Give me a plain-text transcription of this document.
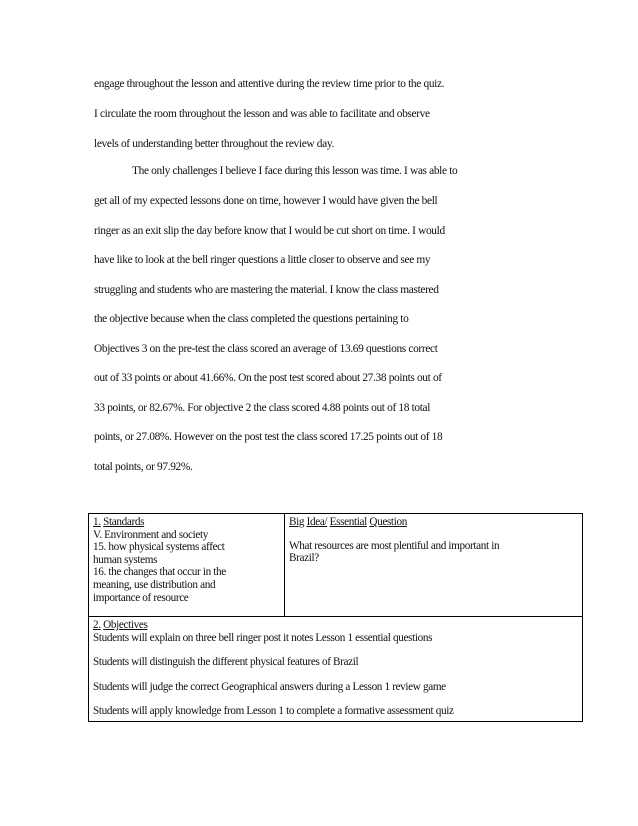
engage throughout the lesson and attentive during the review time prior to the quiz.
I circulate the room throughout the lesson and was able to facilitate and observe
levels of understanding better throughout the review day.
The only challenges I believe I face during this lesson was time. I was able to
get all of my expected lessons done on time, however I would have given the bell
ringer as an exit slip the day before know that I would be cut short on time. I would
have like to look at the bell ringer questions a little closer to observe and see my
struggling and students who are mastering the material. I know the class mastered
the objective because when the class completed the questions pertaining to
Objectives 3 on the pre-test the class scored an average of 13.69 questions correct
out of 33 points or about 41.66%. On the post test scored about 27.38 points out of
33 points, or 82.67%. For objective 2 the class scored 4.88 points out of 18 total
points, or 27.08%. However on the post test the class scored 17.25 points out of 18
total points, or 97.92%.
1. Standards
V. Environment and society
15. how physical systems affect
human systems
16. the changes that occur in the
meaning, use distribution and
importance of resource

Big Idea/ Essential Question
What resources are most plentiful and important in
Brazil?

2. Objectives
Students will explain on three bell ringer post it notes Lesson 1 essential questions
Students will distinguish the different physical features of Brazil
Students will judge the correct Geographical answers during a Lesson 1 review game
Students will apply knowledge from Lesson 1 to complete a formative assessment quiz
